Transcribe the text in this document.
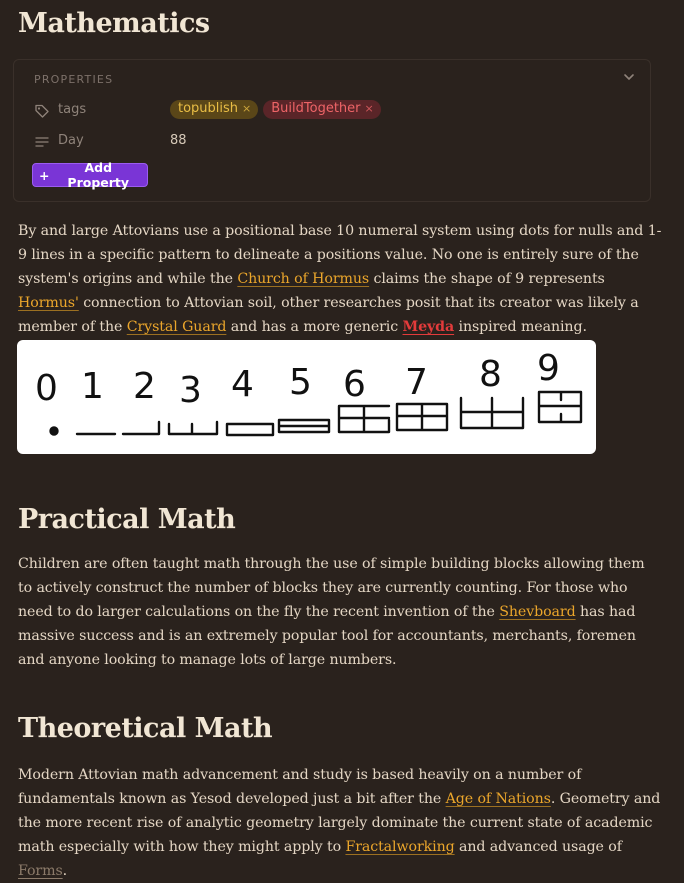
Mathematics
PROPERTIES
tags	topublish × BuildTogether ×
Day	88
+	Add Property

By and large Attovians use a positional base 10 numeral system using dots for nulls and 1-9 lines in a specific pattern to delineate a positions value. No one is entirely sure of the system's origins and while the Church of Hormus claims the shape of 9 represents Hormus' connection to Attovian soil, other researches posit that its creator was likely a member of the Crystal Guard and has a more generic Meyda inspired meaning.

0 1 2 3 4 5 6 7 8 9
Practical Math

Children are often taught math through the use of simple building blocks allowing them to actively construct the number of blocks they are currently counting. For those who need to do larger calculations on the fly the recent invention of the Shevboard has had massive success and is an extremely popular tool for accountants, merchants, foremen and anyone looking to manage lots of large numbers.

Theoretical Math

Modern Attovian math advancement and study is based heavily on a number of fundamentals known as Yesod developed just a bit after the Age of Nations. Geometry and the more recent rise of analytic geometry largely dominate the current state of academic math especially with how they might apply to Fractalworking and advanced usage of Forms.
